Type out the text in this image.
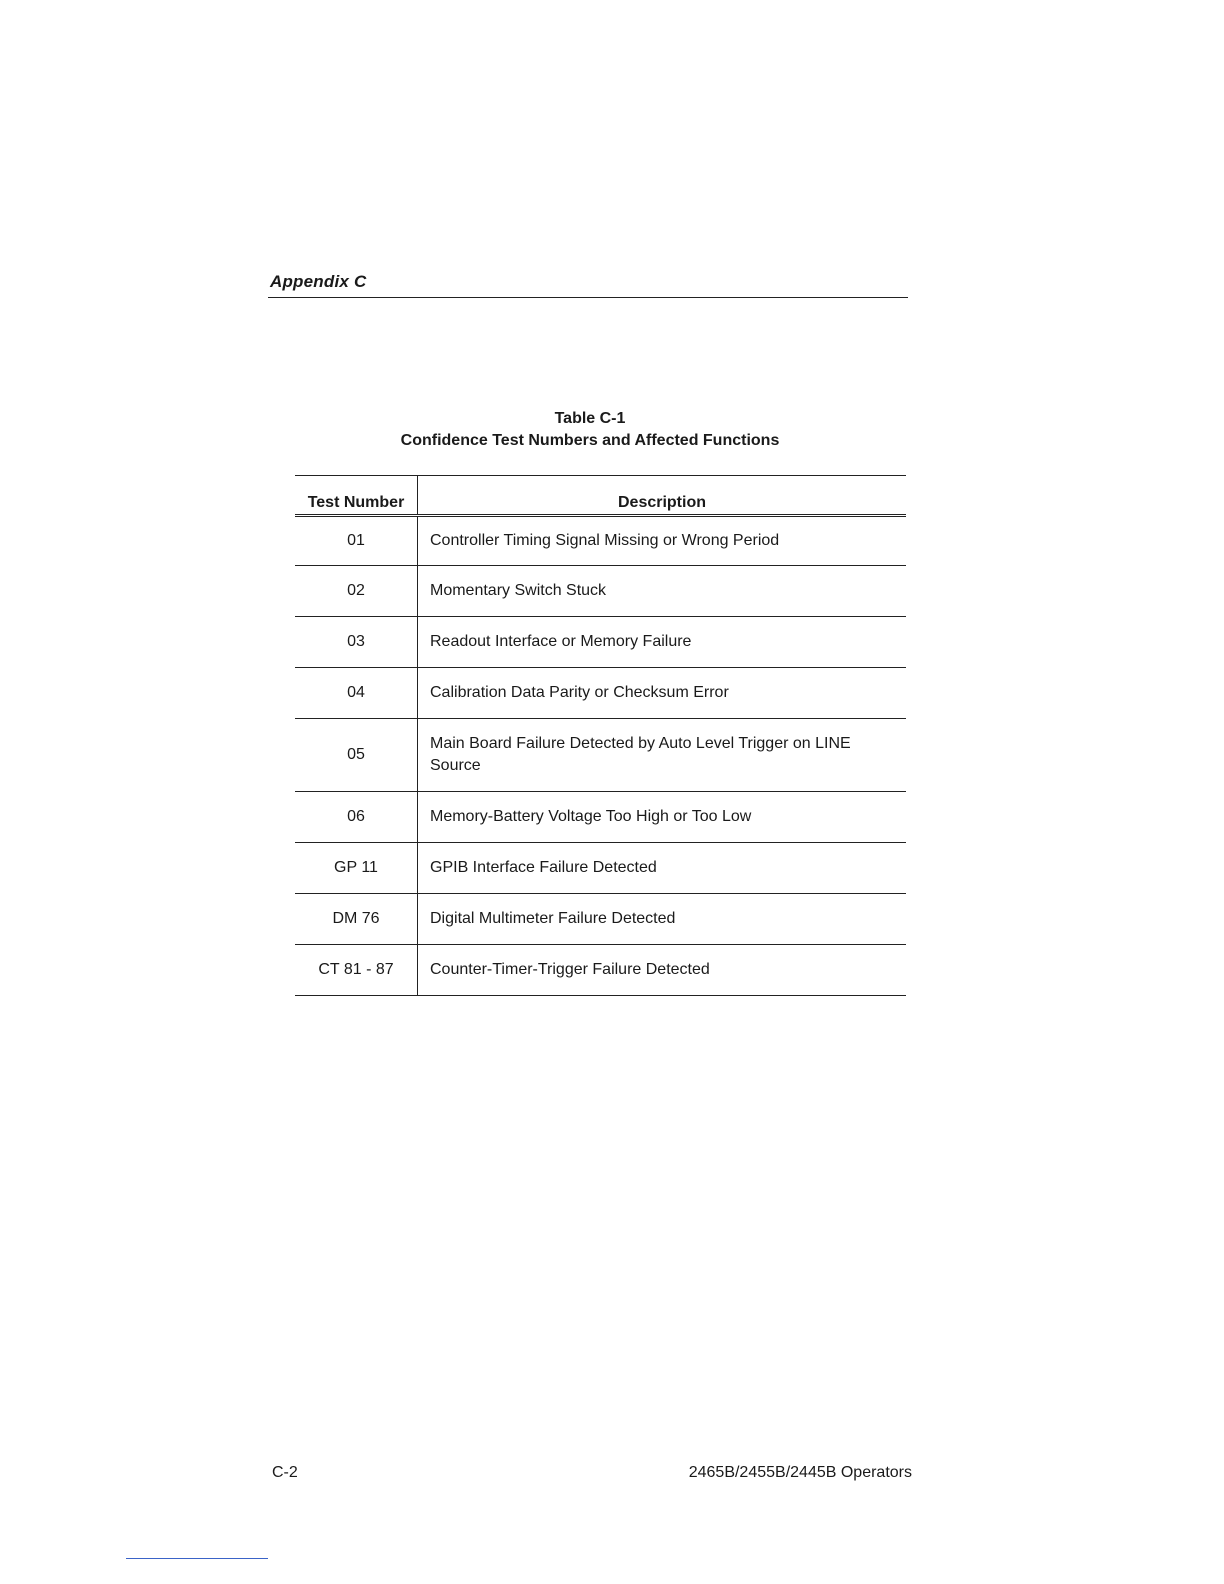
Appendix C
Table C-1
Confidence Test Numbers and Affected Functions
Test Number	Description
01	Controller Timing Signal Missing or Wrong Period
02	Momentary Switch Stuck
03	Readout Interface or Memory Failure
04	Calibration Data Parity or Checksum Error
05	Main Board Failure Detected by Auto Level Trigger on LINE Source
06	Memory-Battery Voltage Too High or Too Low
GP 11	GPIB Interface Failure Detected
DM 76	Digital Multimeter Failure Detected
CT 81 - 87	Counter-Timer-Trigger Failure Detected
C-2	2465B/2455B/2445B Operators
